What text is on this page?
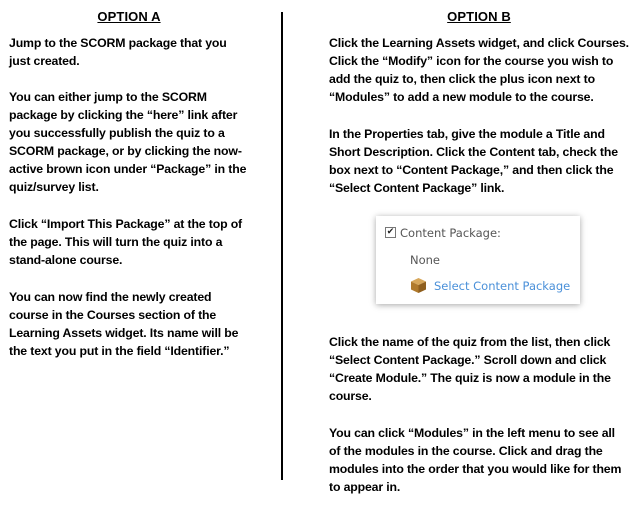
OPTION A	OPTION B

Jump to the SCORM package that you
just created.

You can either jump to the SCORM
package by clicking the “here” link after
you successfully publish the quiz to a
SCORM package, or by clicking the now-
active brown icon under “Package” in the
quiz/survey list.

Click “Import This Package” at the top of
the page. This will turn the quiz into a
stand-alone course.

You can now find the newly created
course in the Courses section of the
Learning Assets widget. Its name will be
the text you put in the field “Identifier.”

Click the Learning Assets widget, and click Courses.
Click the “Modify” icon for the course you wish to
add the quiz to, then click the plus icon next to
“Modules” to add a new module to the course.

In the Properties tab, give the module a Title and
Short Description. Click the Content tab, check the
box next to “Content Package,” and then click the
“Select Content Package” link.

Click the name of the quiz from the list, then click
“Select Content Package.” Scroll down and click
“Create Module.” The quiz is now a module in the
course.

You can click “Modules” in the left menu to see all
of the modules in the course. Click and drag the
modules into the order that you would like for them
to appear in.

✔ Content Package:
None
Select Content Package
